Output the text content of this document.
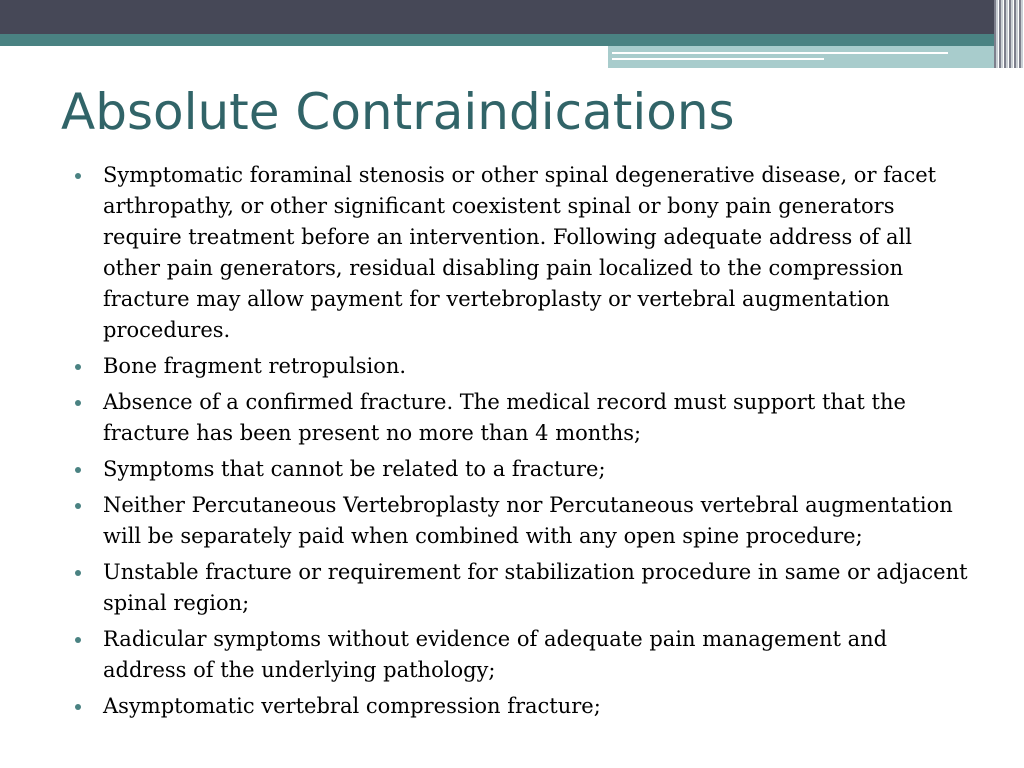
Absolute Contraindications
Symptomatic foraminal stenosis or other spinal degenerative disease, or facet arthropathy, or other significant coexistent spinal or bony pain generators require treatment before an intervention. Following adequate address of all other pain generators, residual disabling pain localized to the compression fracture may allow payment for vertebroplasty or vertebral augmentation procedures.
Bone fragment retropulsion.
Absence of a confirmed fracture. The medical record must support that the fracture has been present no more than 4 months;
Symptoms that cannot be related to a fracture;
Neither Percutaneous Vertebroplasty nor Percutaneous vertebral augmentation will be separately paid when combined with any open spine procedure;
Unstable fracture or requirement for stabilization procedure in same or adjacent spinal region;
Radicular symptoms without evidence of adequate pain management and address of the underlying pathology;
Asymptomatic vertebral compression fracture;
